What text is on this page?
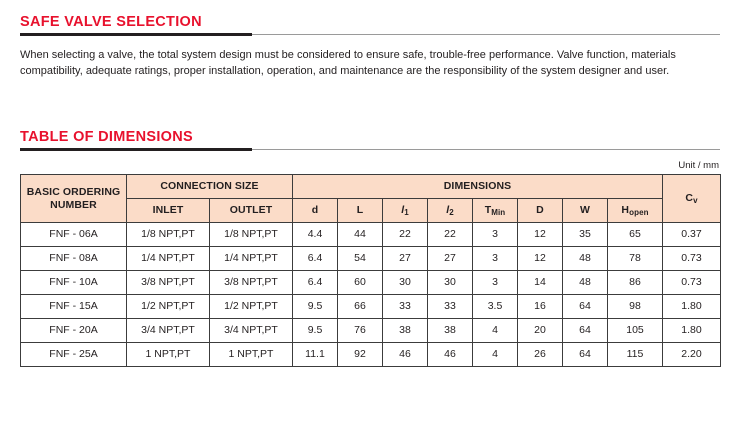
SAFE VALVE SELECTION

When selecting a valve, the total system design must be considered to ensure safe, trouble-free performance. Valve function, materials compatibility, adequate ratings, proper installation, operation, and maintenance are the responsibility of the system designer and user.

TABLE OF DIMENSIONS
Unit / mm
BASIC ORDERING NUMBER	CONNECTION SIZE		DIMENSIONS								Cv
	INLET	OUTLET	d	L	l1	l2	TMin	D	W	Hopen	
FNF - 06A	1/8 NPT,PT	1/8 NPT,PT	4.4	44	22	22	3	12	35	65	0.37
FNF - 08A	1/4 NPT,PT	1/4 NPT,PT	6.4	54	27	27	3	12	48	78	0.73
FNF - 10A	3/8 NPT,PT	3/8 NPT,PT	6.4	60	30	30	3	14	48	86	0.73
FNF - 15A	1/2 NPT,PT	1/2 NPT,PT	9.5	66	33	33	3.5	16	64	98	1.80
FNF - 20A	3/4 NPT,PT	3/4 NPT,PT	9.5	76	38	38	4	20	64	105	1.80
FNF - 25A	1 NPT,PT	1 NPT,PT	11.1	92	46	46	4	26	64	115	2.20
